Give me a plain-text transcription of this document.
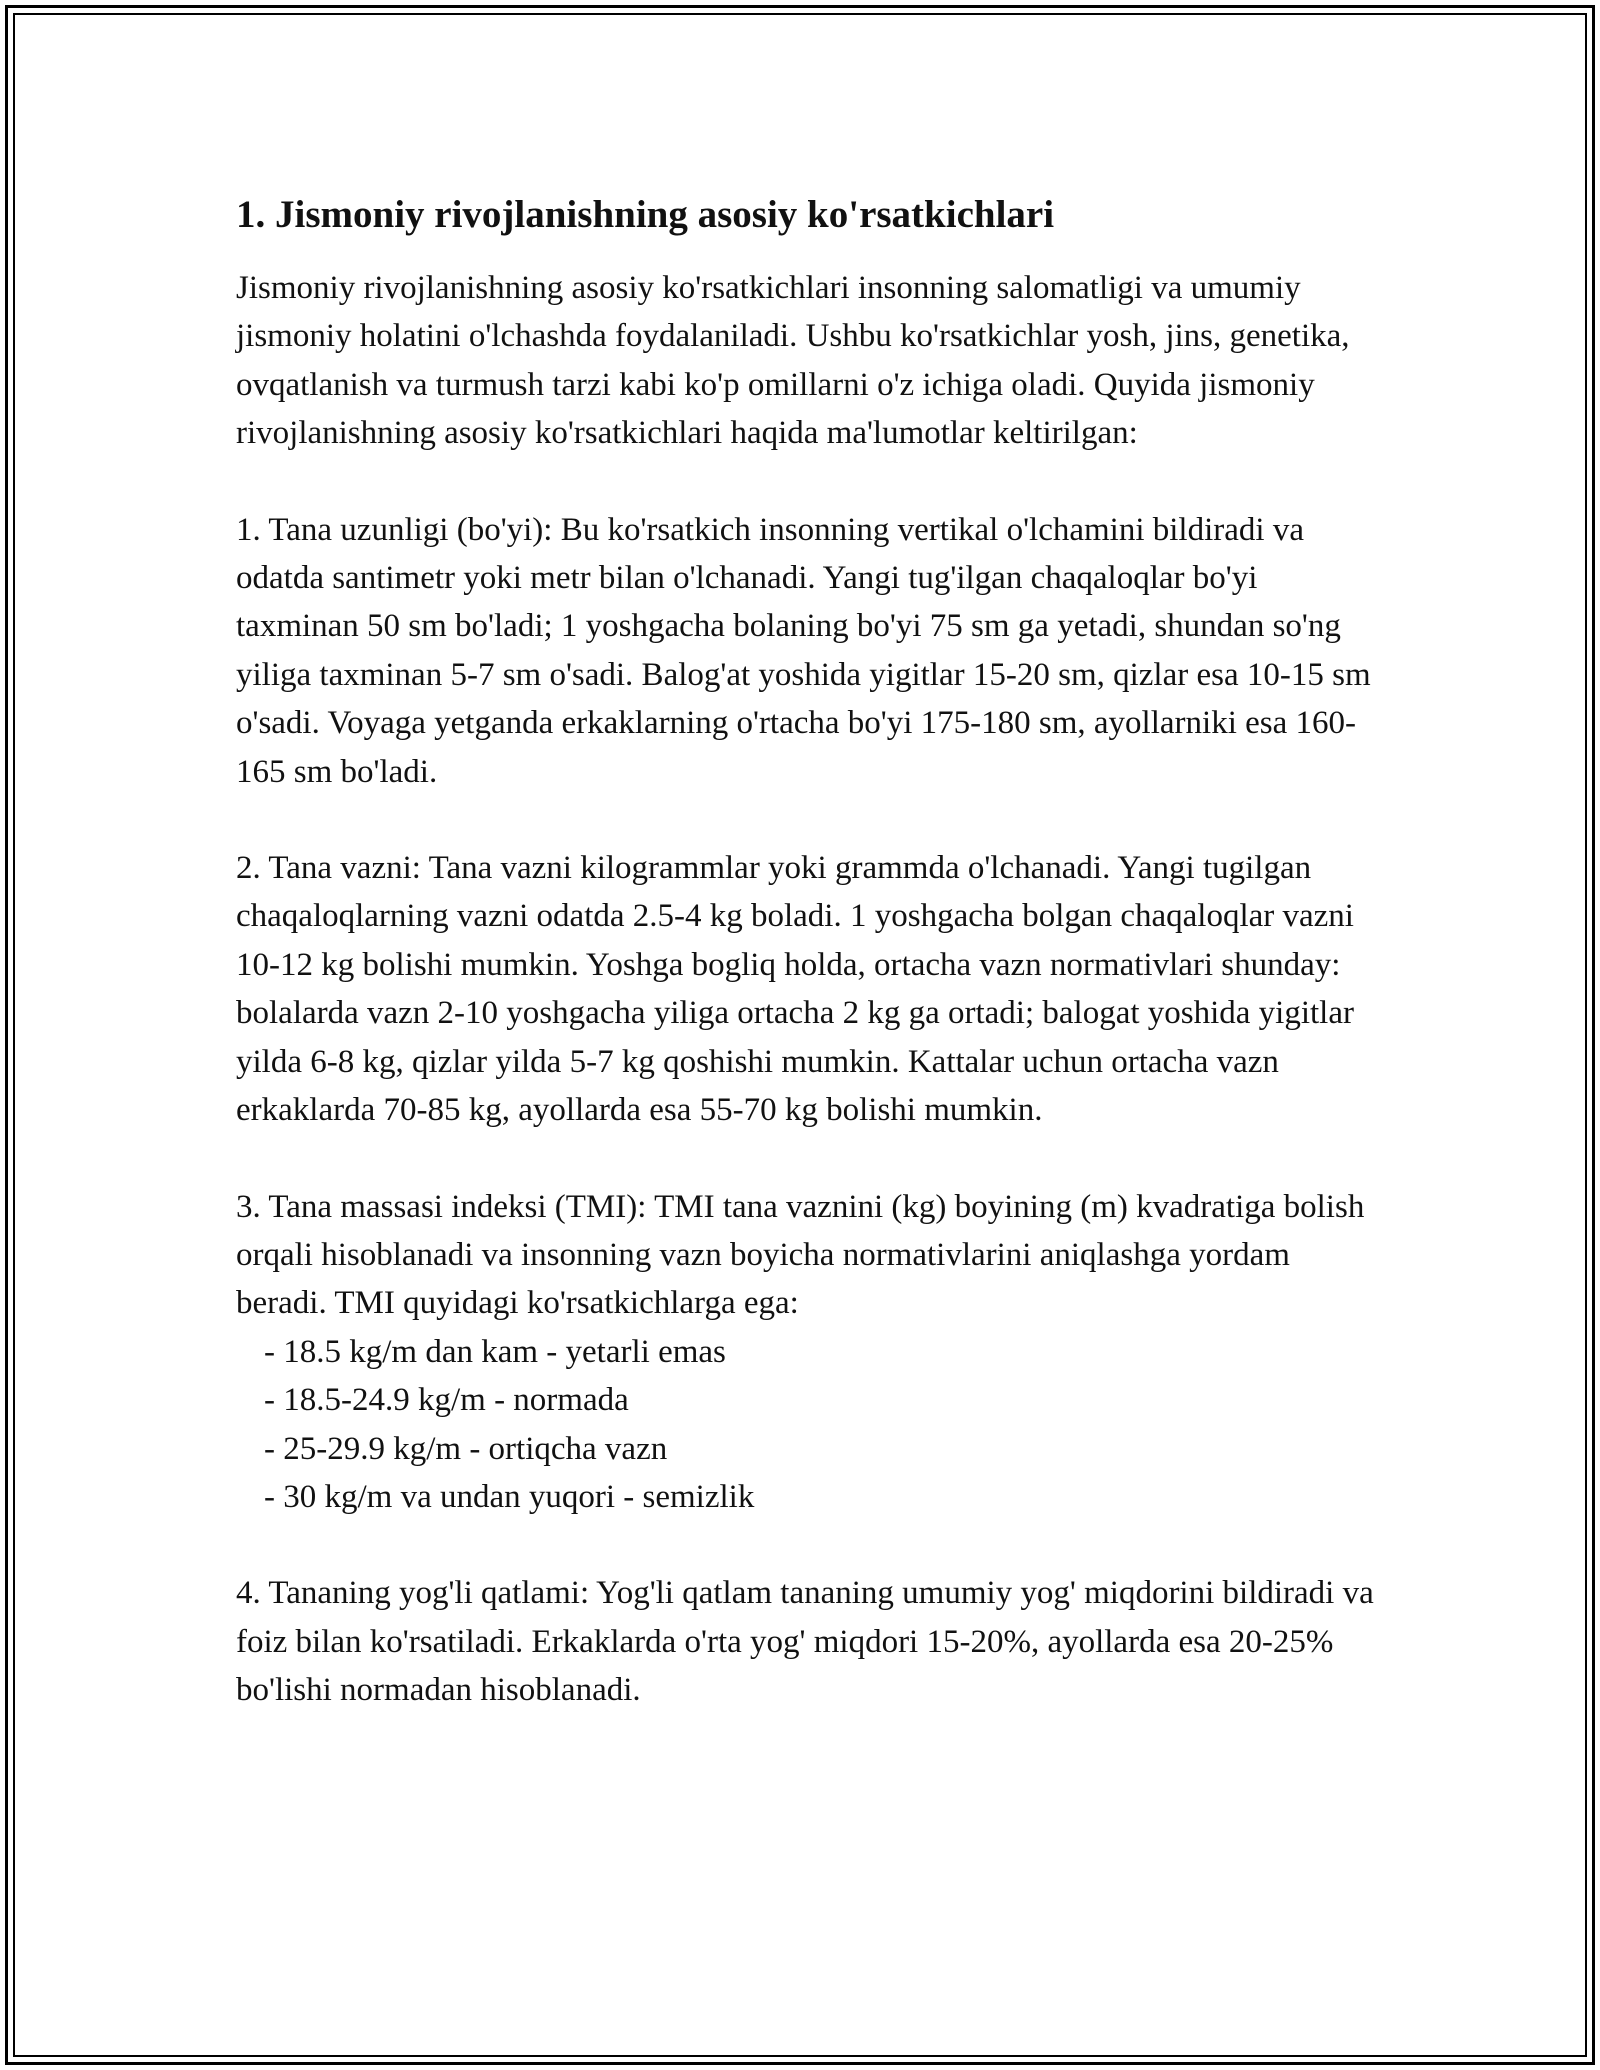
1. Jismoniy rivojlanishning asosiy ko'rsatkichlari

Jismoniy rivojlanishning asosiy ko'rsatkichlari insonning salomatligi va umumiy jismoniy holatini o'lchashda foydalaniladi. Ushbu ko'rsatkichlar yosh, jins, genetika, ovqatlanish va turmush tarzi kabi ko'p omillarni o'z ichiga oladi. Quyida jismoniy rivojlanishning asosiy ko'rsatkichlari haqida ma'lumotlar keltirilgan:

1. Tana uzunligi (bo'yi): Bu ko'rsatkich insonning vertikal o'lchamini bildiradi va odatda santimetr yoki metr bilan o'lchanadi. Yangi tug'ilgan chaqaloqlar bo'yi taxminan 50 sm bo'ladi; 1 yoshgacha bolaning bo'yi 75 sm ga yetadi, shundan so'ng yiliga taxminan 5-7 sm o'sadi. Balog'at yoshida yigitlar 15-20 sm, qizlar esa 10-15 sm o'sadi. Voyaga yetganda erkaklarning o'rtacha bo'yi 175-180 sm, ayollarniki esa 160-165 sm bo'ladi.

2. Tana vazni: Tana vazni kilogrammlar yoki grammda o'lchanadi. Yangi tugilgan chaqaloqlarning vazni odatda 2.5-4 kg boladi. 1 yoshgacha bolgan chaqaloqlar vazni 10-12 kg bolishi mumkin. Yoshga bogliq holda, ortacha vazn normativlari shunday: bolalarda vazn 2-10 yoshgacha yiliga ortacha 2 kg ga ortadi; balogat yoshida yigitlar yilda 6-8 kg, qizlar yilda 5-7 kg qoshishi mumkin. Kattalar uchun ortacha vazn erkaklarda 70-85 kg, ayollarda esa 55-70 kg bolishi mumkin.

3. Tana massasi indeksi (TMI): TMI tana vaznini (kg) boyining (m) kvadratiga bolish orqali hisoblanadi va insonning vazn boyicha normativlarini aniqlashga yordam beradi. TMI quyidagi ko'rsatkichlarga ega:

- 18.5 kg/m dan kam - yetarli emas
- 18.5-24.9 kg/m - normada
- 25-29.9 kg/m - ortiqcha vazn
- 30 kg/m va undan yuqori - semizlik

4. Tananing yog'li qatlami: Yog'li qatlam tananing umumiy yog' miqdorini bildiradi va foiz bilan ko'rsatiladi. Erkaklarda o'rta yog' miqdori 15-20%, ayollarda esa 20-25% bo'lishi normadan hisoblanadi.
